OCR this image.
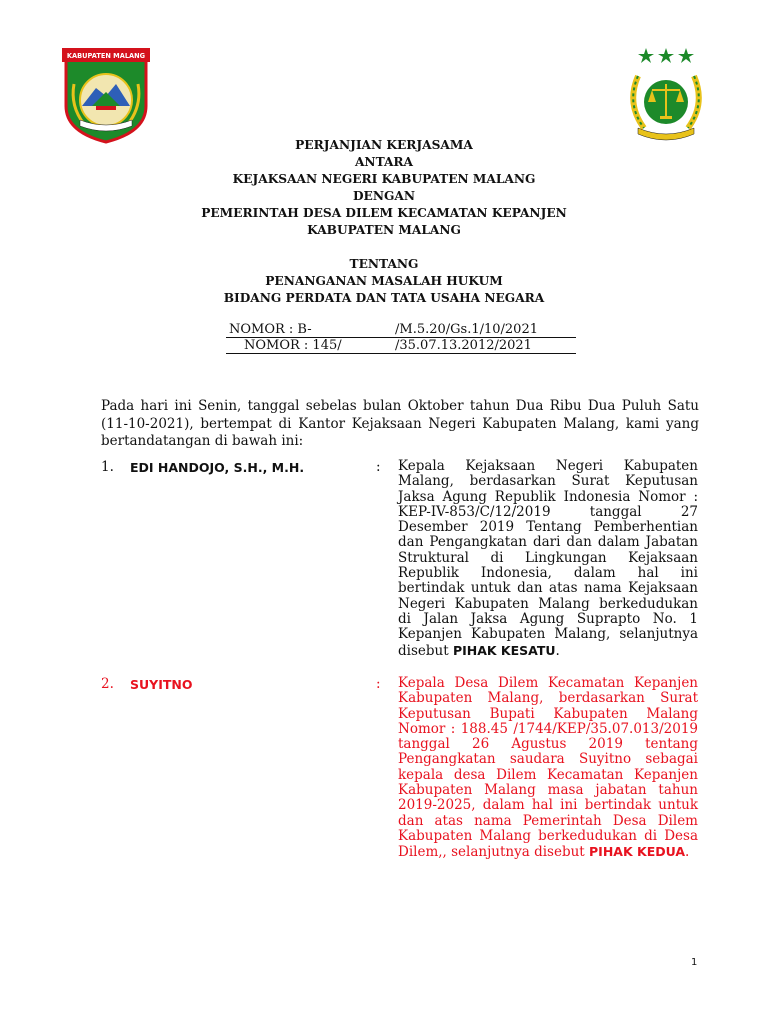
KABUPATEN MALANG
PERJANJIAN KERJASAMA
ANTARA
KEJAKSAAN NEGERI KABUPATEN MALANG
DENGAN
PEMERINTAH DESA DILEM KECAMATAN KEPANJEN
KABUPATEN MALANG
TENTANG
PENANGANAN MASALAH HUKUM
BIDANG PERDATA DAN TATA USAHA NEGARA
NOMOR : B-	/M.5.20/Gs.1/10/2021
NOMOR : 145/	/35.07.13.2012/2021
Pada hari ini Senin, tanggal sebelas bulan Oktober tahun Dua Ribu Dua Puluh Satu (11-10-2021), bertempat di Kantor Kejaksaan Negeri Kabupaten Malang, kami yang bertandatangan di bawah ini:
1. EDI HANDOJO, S.H., M.H.	: Kepala Kejaksaan Negeri Kabupaten Malang, berdasarkan Surat Keputusan Jaksa Agung Republik Indonesia Nomor : KEP-IV-853/C/12/2019 tanggal 27 Desember 2019 Tentang Pemberhentian dan Pengangkatan dari dan dalam Jabatan Struktural di Lingkungan Kejaksaan Republik Indonesia, dalam hal ini bertindak untuk dan atas nama Kejaksaan Negeri Kabupaten Malang berkedudukan di Jalan Jaksa Agung Suprapto No. 1 Kepanjen Kabupaten Malang, selanjutnya disebut PIHAK KESATU.
2. SUYITNO	: Kepala Desa Dilem Kecamatan Kepanjen Kabupaten Malang, berdasarkan Surat Keputusan Bupati Kabupaten Malang Nomor : 188.45 /1744/KEP/35.07.013/2019 tanggal 26 Agustus 2019 tentang Pengangkatan saudara Suyitno sebagai kepala desa Dilem Kecamatan Kepanjen Kabupaten Malang masa jabatan tahun 2019-2025, dalam hal ini bertindak untuk dan atas nama Pemerintah Desa Dilem Kabupaten Malang berkedudukan di Desa Dilem,, selanjutnya disebut PIHAK KEDUA.
1
